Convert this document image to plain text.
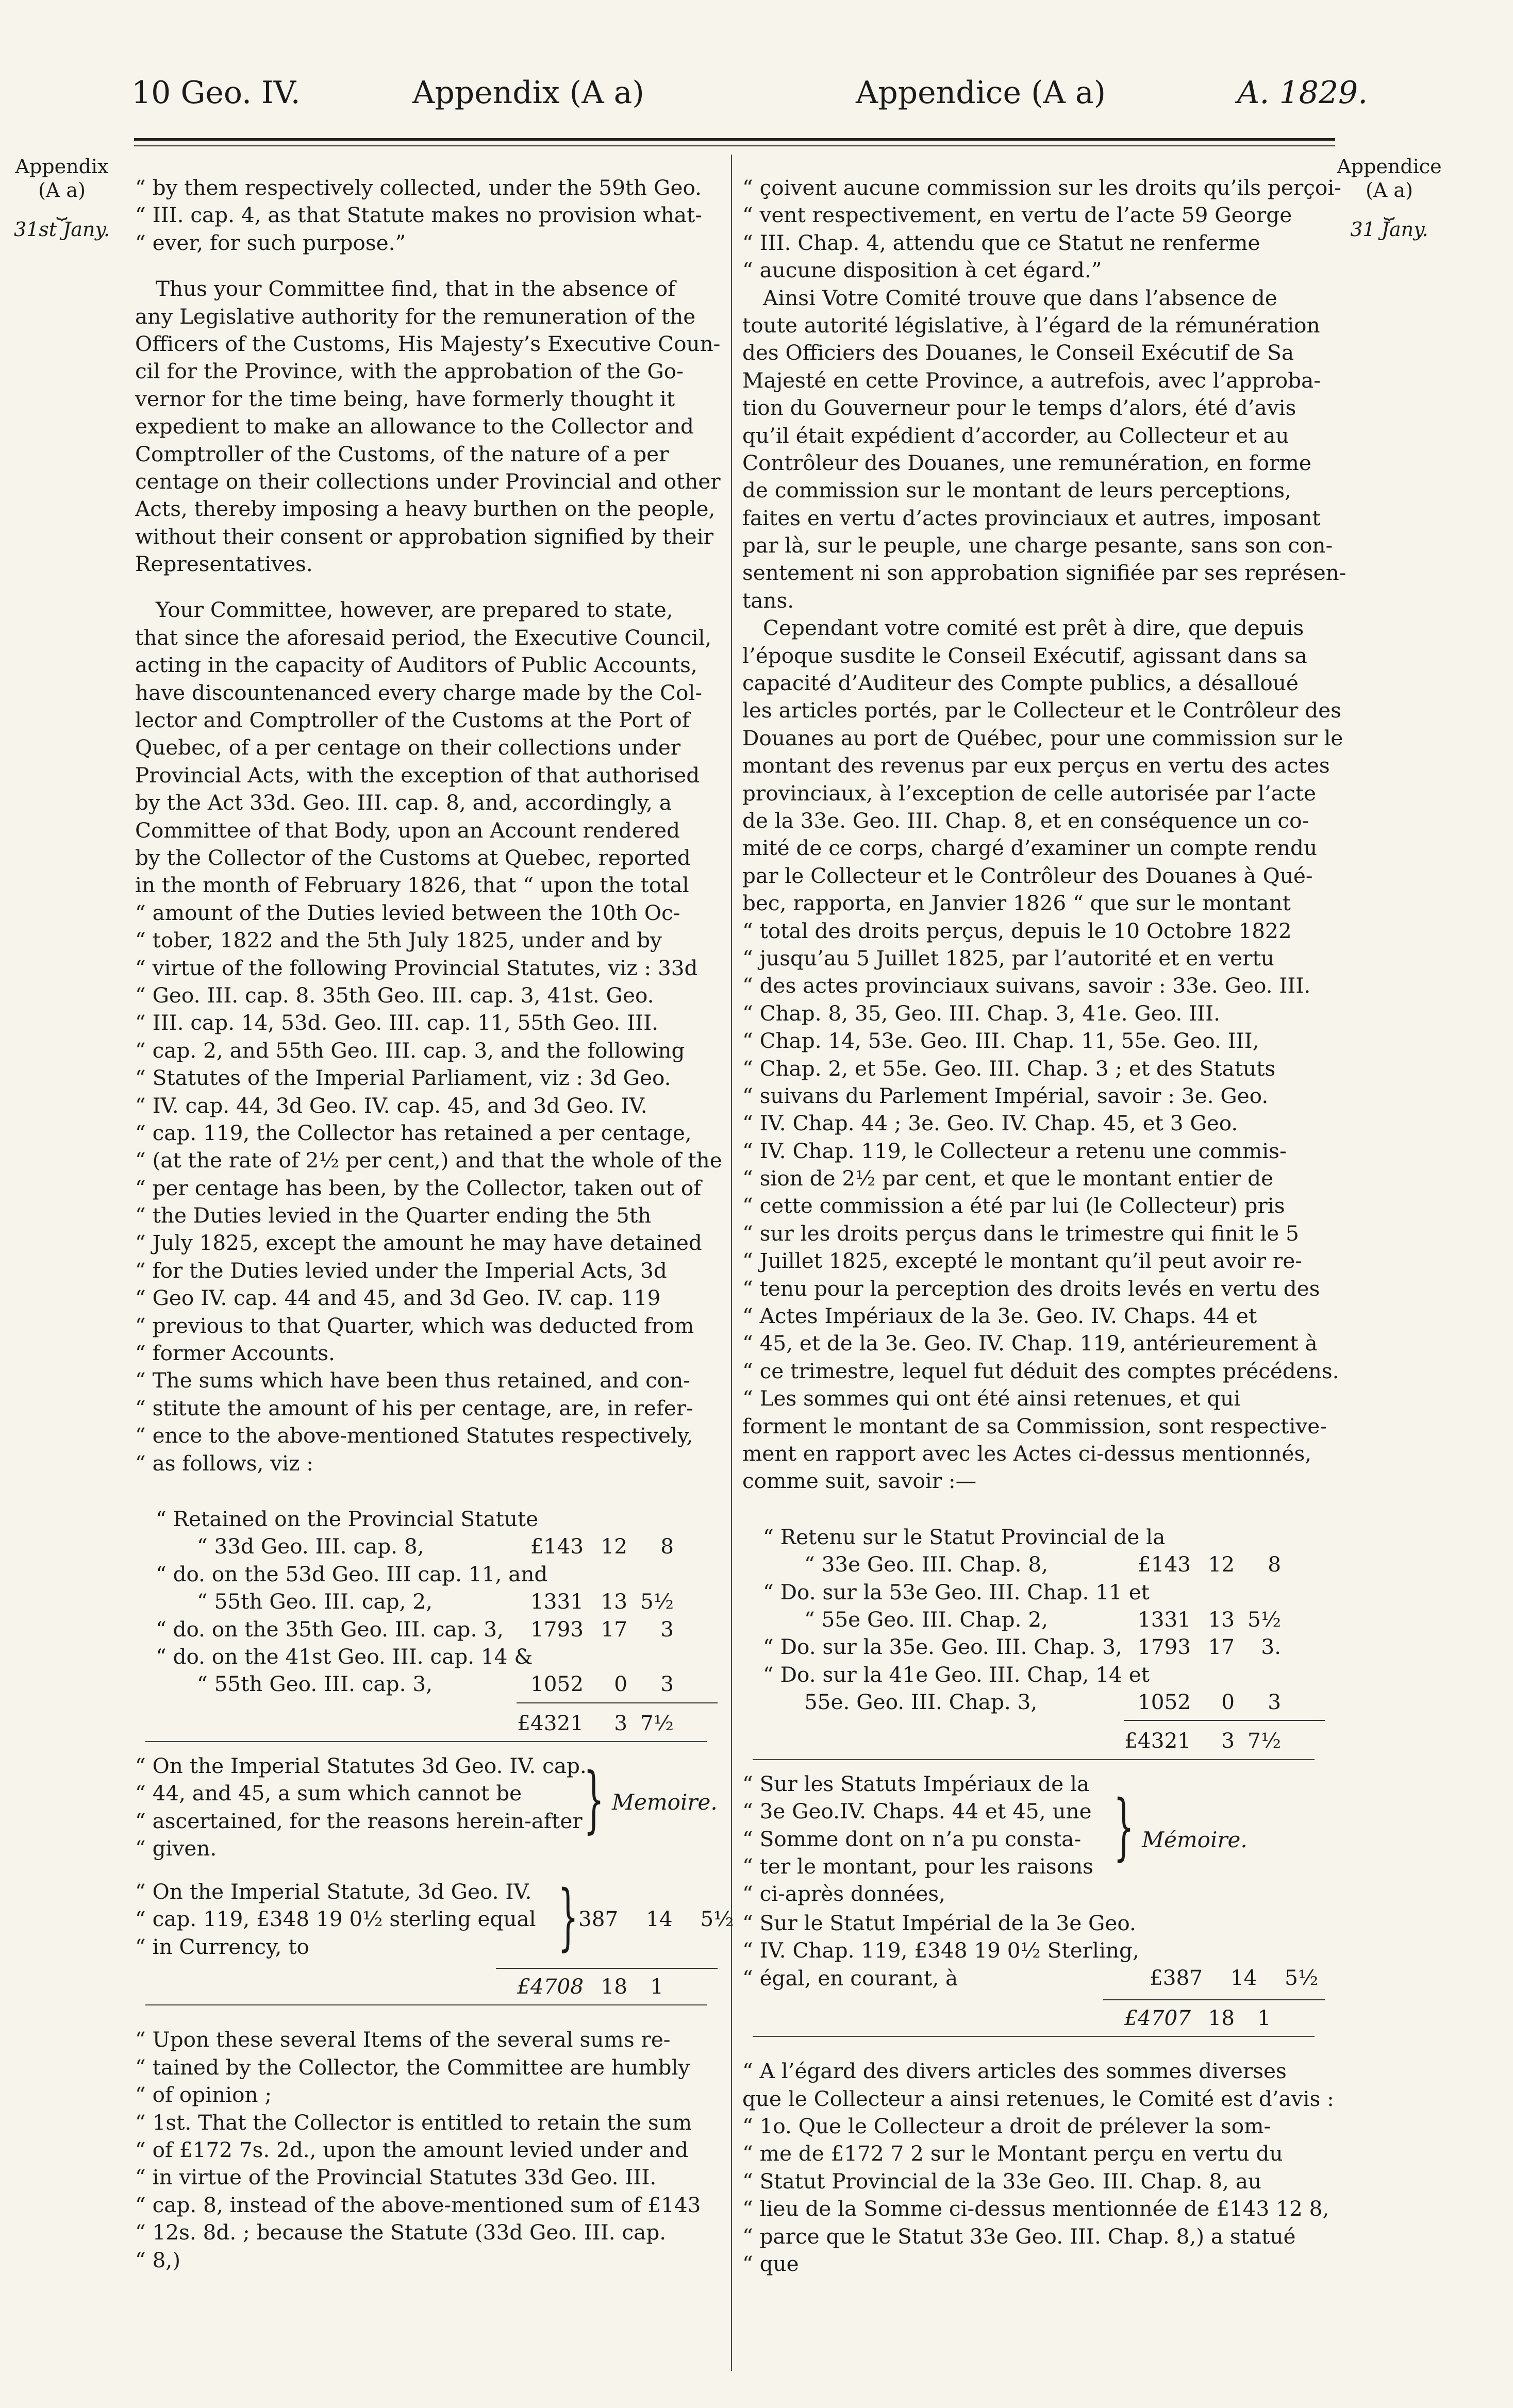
10 Geo. IV.	Appendix (A a)	Appendice (A a)	A. 1829.
Appendix
(A a)
⏟
31st Jany.
Appendice
(A a)
⏟
31 Jany.
“ by them respectively collected, under the 59th Geo.
“ III. cap. 4, as that Statute makes no provision what-
“ ever, for such purpose.”
Thus your Committee find, that in the absence of
any Legislative authority for the remuneration of the
Officers of the Customs, His Majesty’s Executive Coun-
cil for the Province, with the approbation of the Go-
vernor for the time being, have formerly thought it
expedient to make an allowance to the Collector and
Comptroller of the Customs, of the nature of a per
centage on their collections under Provincial and other
Acts, thereby imposing a heavy burthen on the people,
without their consent or approbation signified by their
Representatives.
Your Committee, however, are prepared to state,
that since the aforesaid period, the Executive Council,
acting in the capacity of Auditors of Public Accounts,
have discountenanced every charge made by the Col-
lector and Comptroller of the Customs at the Port of
Quebec, of a per centage on their collections under
Provincial Acts, with the exception of that authorised
by the Act 33d. Geo. III. cap. 8, and, accordingly, a
Committee of that Body, upon an Account rendered
by the Collector of the Customs at Quebec, reported
in the month of February 1826, that “ upon the total
“ amount of the Duties levied between the 10th Oc-
“ tober, 1822 and the 5th July 1825, under and by
“ virtue of the following Provincial Statutes, viz : 33d
“ Geo. III. cap. 8. 35th Geo. III. cap. 3, 41st. Geo.
“ III. cap. 14, 53d. Geo. III. cap. 11, 55th Geo. III.
“ cap. 2, and 55th Geo. III. cap. 3, and the following
“ Statutes of the Imperial Parliament, viz : 3d Geo.
“ IV. cap. 44, 3d Geo. IV. cap. 45, and 3d Geo. IV.
“ cap. 119, the Collector has retained a per centage,
“ (at the rate of 2½ per cent,) and that the whole of the
“ per centage has been, by the Collector, taken out of
“ the Duties levied in the Quarter ending the 5th
“ July 1825, except the amount he may have detained
“ for the Duties levied under the Imperial Acts, 3d
“ Geo IV. cap. 44 and 45, and 3d Geo. IV. cap. 119
“ previous to that Quarter, which was deducted from
“ former Accounts.
“ The sums which have been thus retained, and con-
“ stitute the amount of his per centage, are, in refer-
“ ence to the above-mentioned Statutes respectively,
“ as follows, viz :
“ Retained on the Provincial Statute
“ 33d Geo. III. cap. 8,	£143 12	8
“ do. on the 53d Geo. III cap. 11, and
“ 55th Geo. III. cap, 2,	1331 13 5½
“ do. on the 35th Geo. III. cap. 3,	1793 17	3
“ do. on the 41st Geo. III. cap. 14 &
“ 55th Geo. III. cap. 3,	1052	0	3
£4321	3 7½
“ On the Imperial Statutes 3d Geo. IV. cap.
“ 44, and 45, a sum which cannot be
“ ascertained, for the reasons herein-after
“ given.
} Memoire.
“ On the Imperial Statute, 3d Geo. IV.
“ cap. 119, £348 19 0½ sterling equal
“ in Currency, to	} 387 14 5½
£4708 18	1
“ Upon these several Items of the several sums re-
“ tained by the Collector, the Committee are humbly
“ of opinion ;
“ 1st. That the Collector is entitled to retain the sum
“ of £172 7s. 2d., upon the amount levied under and
“ in virtue of the Provincial Statutes 33d Geo. III.
“ cap. 8, instead of the above-mentioned sum of £143
“ 12s. 8d. ; because the Statute (33d Geo. III. cap.
“ 8,)
“ çoivent aucune commission sur les droits qu’ils perçoi-
“ vent respectivement, en vertu de l’acte 59 George
“ III. Chap. 4, attendu que ce Statut ne renferme
“ aucune disposition à cet égard.”
Ainsi Votre Comité trouve que dans l’absence de
toute autorité législative, à l’égard de la rémunération
des Officiers des Douanes, le Conseil Exécutif de Sa
Majesté en cette Province, a autrefois, avec l’approba-
tion du Gouverneur pour le temps d’alors, été d’avis
qu’il était expédient d’accorder, au Collecteur et au
Contrôleur des Douanes, une remunération, en forme
de commission sur le montant de leurs perceptions,
faites en vertu d’actes provinciaux et autres, imposant
par là, sur le peuple, une charge pesante, sans son con-
sentement ni son approbation signifiée par ses représen-
tans.
Cependant votre comité est prêt à dire, que depuis
l’époque susdite le Conseil Exécutif, agissant dans sa
capacité d’Auditeur des Compte publics, a désalloué
les articles portés, par le Collecteur et le Contrôleur des
Douanes au port de Québec, pour une commission sur le
montant des revenus par eux perçus en vertu des actes
provinciaux, à l’exception de celle autorisée par l’acte
de la 33e. Geo. III. Chap. 8, et en conséquence un co-
mité de ce corps, chargé d’examiner un compte rendu
par le Collecteur et le Contrôleur des Douanes à Qué-
bec, rapporta, en Janvier 1826 “ que sur le montant
“ total des droits perçus, depuis le 10 Octobre 1822
“ jusqu’au 5 Juillet 1825, par l’autorité et en vertu
“ des actes provinciaux suivans, savoir : 33e. Geo. III.
“ Chap. 8, 35, Geo. III. Chap. 3, 41e. Geo. III.
“ Chap. 14, 53e. Geo. III. Chap. 11, 55e. Geo. III,
“ Chap. 2, et 55e. Geo. III. Chap. 3 ; et des Statuts
“ suivans du Parlement Impérial, savoir : 3e. Geo.
“ IV. Chap. 44 ; 3e. Geo. IV. Chap. 45, et 3 Geo.
“ IV. Chap. 119, le Collecteur a retenu une commis-
“ sion de 2½ par cent, et que le montant entier de
“ cette commission a été par lui (le Collecteur) pris
“ sur les droits perçus dans le trimestre qui finit le 5
“ Juillet 1825, excepté le montant qu’il peut avoir re-
“ tenu pour la perception des droits levés en vertu des
“ Actes Impériaux de la 3e. Geo. IV. Chaps. 44 et
“ 45, et de la 3e. Geo. IV. Chap. 119, antérieurement à
“ ce trimestre, lequel fut déduit des comptes précédens.
“ Les sommes qui ont été ainsi retenues, et qui
forment le montant de sa Commission, sont respective-
ment en rapport avec les Actes ci-dessus mentionnés,
comme suit, savoir :—
“ Retenu sur le Statut Provincial de la
“ 33e Geo. III. Chap. 8,	£143 12	8
“ Do. sur la 53e Geo. III. Chap. 11 et
“ 55e Geo. III. Chap. 2,	1331 13 5½
“ Do. sur la 35e. Geo. III. Chap. 3, 1793 17	3.
“ Do. sur la 41e Geo. III. Chap, 14 et
55e. Geo. III. Chap. 3,	1052	0	3
£4321	3 7½
“ Sur les Statuts Impériaux de la
“ 3e Geo.IV. Chaps. 44 et 45, une
“ Somme dont on n’a pu consta-
“ ter le montant, pour les raisons
“ ci-après données,
} Mémoire.
“ Sur le Statut Impérial de la 3e Geo.
“ IV. Chap. 119, £348 19 0½ Sterling,
“ égal, en courant, à	£387 14 5½
£4707 18	1
“ A l’égard des divers articles des sommes diverses
que le Collecteur a ainsi retenues, le Comité est d’avis :
“ 1o. Que le Collecteur a droit de prélever la som-
“ me de £172 7 2 sur le Montant perçu en vertu du
“ Statut Provincial de la 33e Geo. III. Chap. 8, au
“ lieu de la Somme ci-dessus mentionnée de £143 12 8,
“ parce que le Statut 33e Geo. III. Chap. 8,) a statué
“ que
